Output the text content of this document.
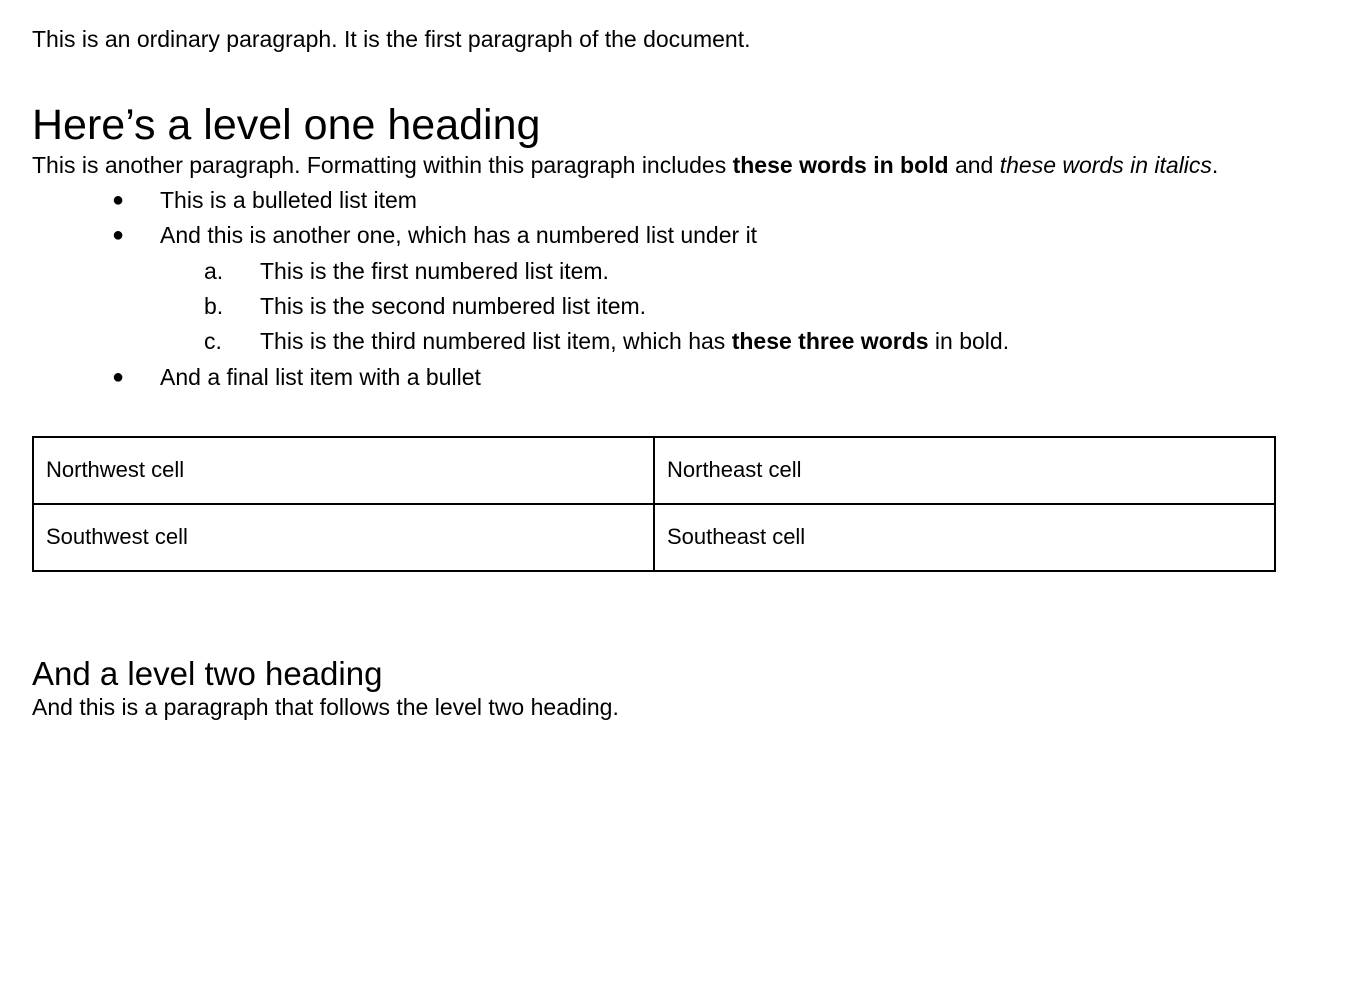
This is an ordinary paragraph. It is the first paragraph of the document.

Here’s a level one heading

This is another paragraph. Formatting within this paragraph includes these words in bold and these words in italics.

● This is a bulleted list item
● And this is another one, which has a numbered list under it
a.	This is the first numbered list item.
b.	This is the second numbered list item.
c.	This is the third numbered list item, which has these three words in bold.
● And a final list item with a bullet
Northwest cell	Northeast cell
Southwest cell	Southeast cell
And a level two heading

And this is a paragraph that follows the level two heading.
